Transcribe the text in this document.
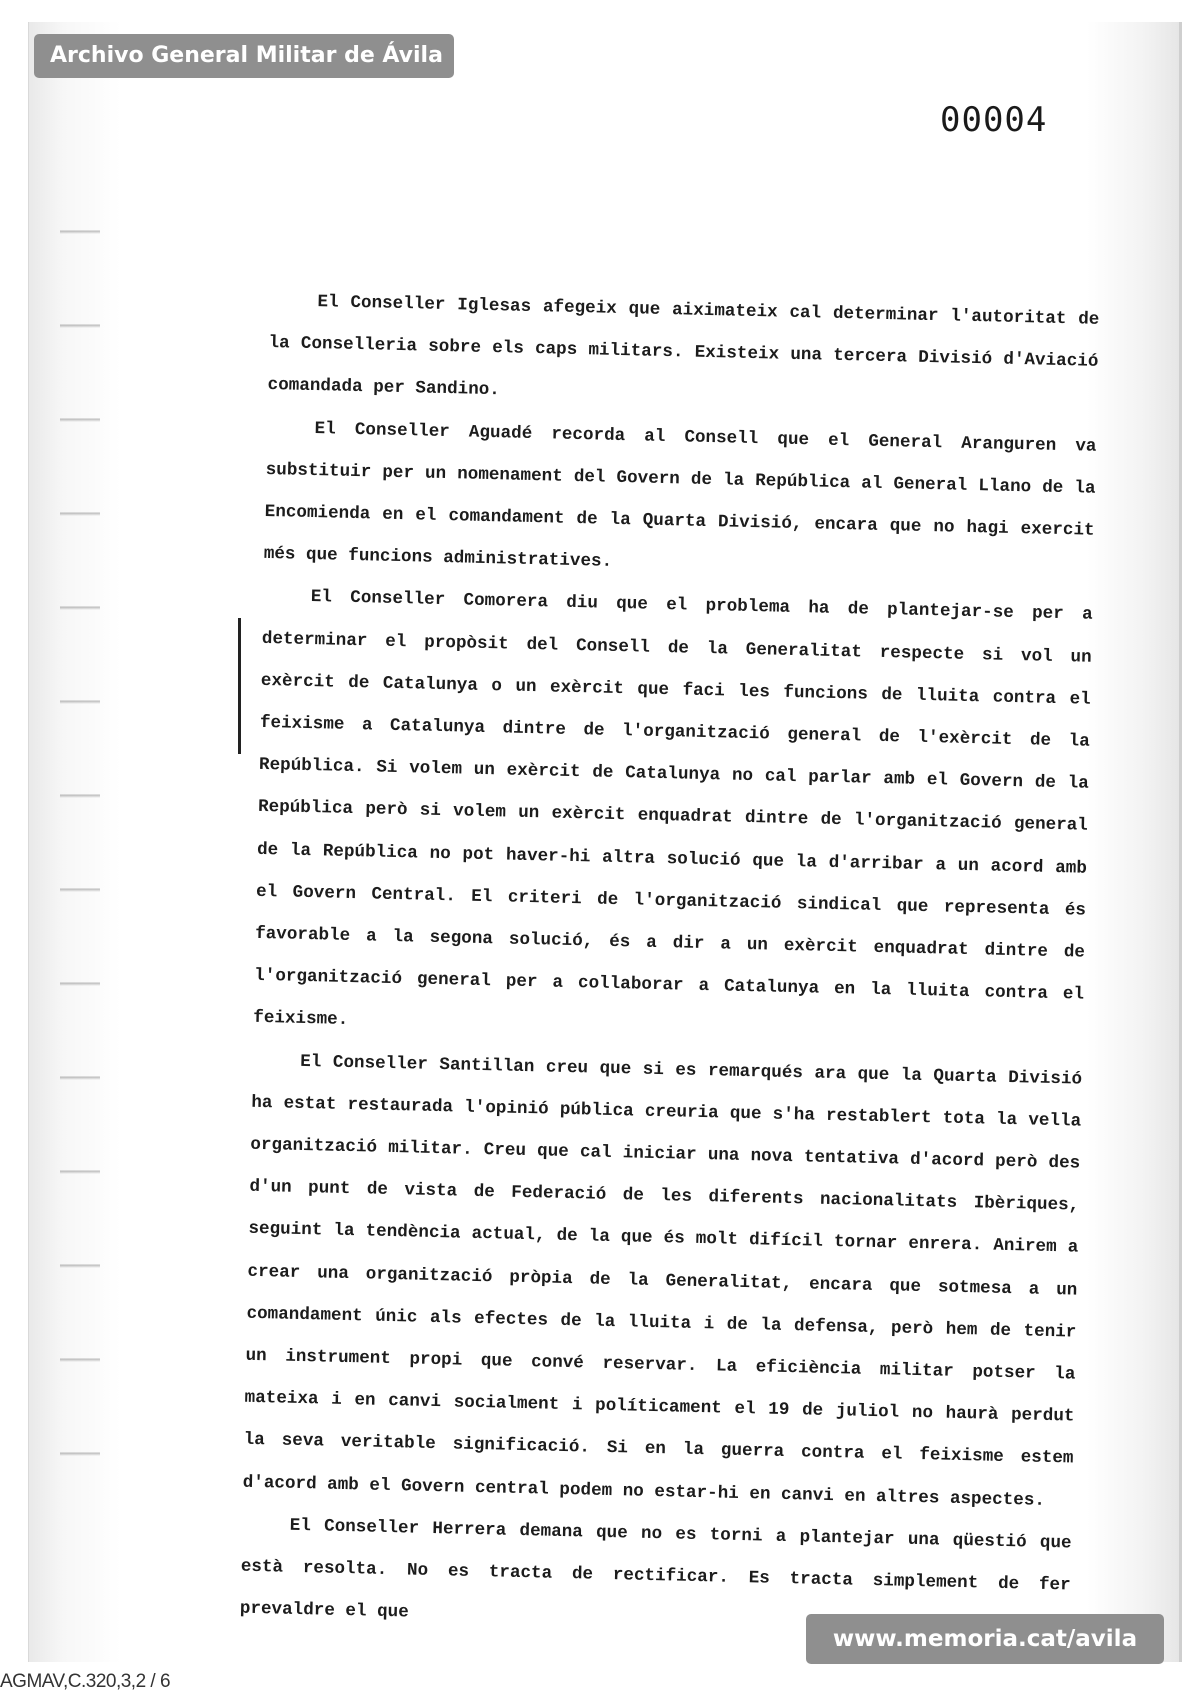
Archivo General Militar de Ávila
00004

El Conseller Iglesas afegeix que aiximateix cal determinar l'autoritat de la Conselleria sobre els caps militars. Existeix una tercera Divisió d'Aviació comandada per Sandino.

El Conseller Aguadé recorda al Consell que el General Aranguren va substituir per un nomenament del Govern de la República al General Llano de la Encomienda en el comandament de la Quarta Divisió, encara que no hagi exercit més que funcions administratives.

El Conseller Comorera diu que el problema ha de plantejar-se per a determinar el propòsit del Consell de la Generalitat respecte si vol un exèrcit de Catalunya o un exèrcit que faci les funcions de lluita contra el feixisme a Catalunya dintre de l'organització general de l'exèrcit de la República. Si volem un exèrcit de Catalunya no cal parlar amb el Govern de la República però si volem un exèrcit enquadrat dintre de l'organització general de la República no pot haver-hi altra solució que la d'arribar a un acord amb el Govern Central. El criteri de l'organització sindical que representa és favorable a la segona solució, és a dir a un exèrcit enquadrat dintre de l'organització general per a collaborar a Catalunya en la lluita contra el feixisme.

El Conseller Santillan creu que si es remarqués ara que la Quarta Divisió ha estat restaurada l'opinió pública creuria que s'ha restablert tota la vella organització militar. Creu que cal iniciar una nova tentativa d'acord però des d'un punt de vista de Federació de les diferents nacionalitats Ibèriques, seguint la tendència actual, de la que és molt difícil tornar enrera. Anirem a crear una organització pròpia de la Generalitat, encara que sotmesa a un comandament únic als efectes de la lluita i de la defensa, però hem de tenir un instrument propi que convé reservar. La eficiència militar potser la mateixa i en canvi socialment i políticament el 19 de juliol no haurà perdut la seva veritable significació. Si en la guerra contra el feixisme estem d'acord amb el Govern central podem no estar-hi en canvi en altres aspectes.

El Conseller Herrera demana que no es torni a plantejar una qüestió que està resolta. No es tracta de rectificar. Es tracta simplement de fer prevaldre el que

www.memoria.cat/avila
AGMAV,C.320,3,2 / 6
